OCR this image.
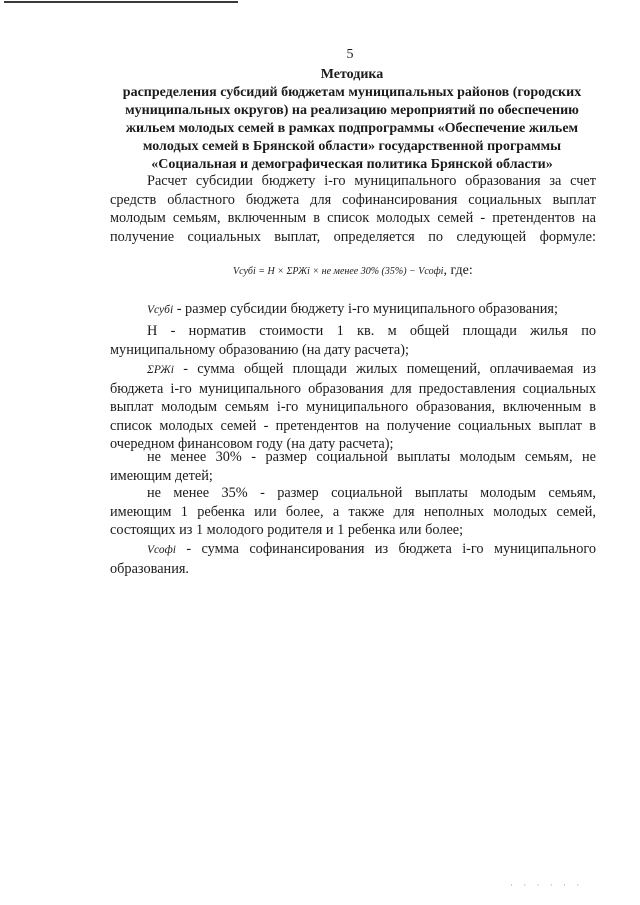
5
Методика
распределения субсидий бюджетам муниципальных районов (городских
муниципальных округов) на реализацию мероприятий по обеспечению
жильем молодых семей в рамках подпрограммы «Обеспечение жильем
молодых семей в Брянской области» государственной программы
«Социальная и демографическая политика Брянской области»
Расчет субсидии бюджету i-го муниципального образования за счет
средств областного бюджета для софинансирования социальных выплат
молодым семьям, включенным в список молодых семей - претендентов на
получение социальных выплат, определяется по следующей формуле:
Vсубi = H × ΣРЖi × не менее 30% (35%) − Vсофi, где:
Vсубi - размер субсидии бюджету i-го муниципального образования;
Н - норматив стоимости 1 кв. м общей площади жилья по
муниципальному образованию (на дату расчета);
ΣРЖi - сумма общей площади жилых помещений, оплачиваемая из
бюджета i-го муниципального образования для предоставления социальных
выплат молодым семьям i-го муниципального образования, включенным в
список молодых семей - претендентов на получение социальных выплат в
очередном финансовом году (на дату расчета);
не менее 30% - размер социальной выплаты молодым семьям, не
имеющим детей;
не менее 35% - размер социальной выплаты молодым семьям,
имеющим 1 ребенка или более, а также для неполных молодых семей,
состоящих из 1 молодого родителя и 1 ребенка или более;
Vсофi - сумма софинансирования из бюджета i-го муниципального
образования.
· · · · · ·
